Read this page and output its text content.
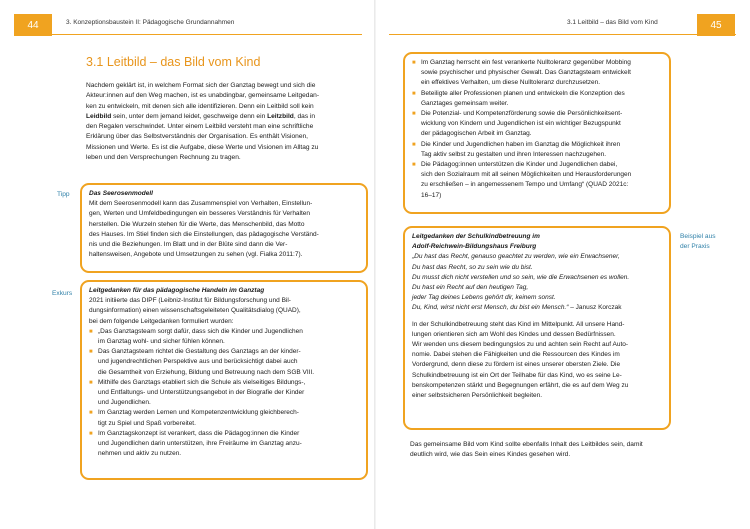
44	3. Konzeptionsbaustein II: Pädagogische Grundannahmen
3.1 Leitbild – das Bild vom Kind

Nachdem geklärt ist, in welchem Format sich der Ganztag bewegt und sich die

Akteur:innen auf den Weg machen, ist es unabdingbar, gemeinsame Leitgedan-

ken zu entwickeln, mit denen sich alle identifizieren. Denn ein Leitbild soll kein

Leidbild sein, unter dem jemand leidet, geschweige denn ein Leitzbild, das in

den Regalen verschwindet. Unter einem Leitbild versteht man eine schriftliche

Erklärung über das Selbstverständnis der Organisation. Es enthält Visionen,

Missionen und Werte. Es ist die Aufgabe, diese Werte und Visionen im Alltag zu

leben und den Versprechungen Rechnung zu tragen.

Tipp	Das Seerosenmodell
Mit dem Seerosenmodell kann das Zusammenspiel von Verhalten, Einstellun-
gen, Werten und Umfeldbedingungen ein besseres Verständnis für Verhalten
herstellen. Die Wurzeln stehen für die Werte, das Menschenbild, das Motto
des Hauses. Im Stiel finden sich die Einstellungen, das pädagogische Verständ-
nis und die Beziehungen. Im Blatt und in der Blüte sind dann die Ver-
haltensweisen, Angebote und Umsetzungen zu sehen (vgl. Fialka 2011:7).
Exkurs	Leitgedanken für das pädagogische Handeln im Ganztag
2021 initiierte das DIPF (Leibniz-Institut für Bildungsforschung und Bil-
dungsinformation) einen wissenschaftsgeleiteten Qualitätsdialog (QUAD),
bei dem folgende Leitgedanken formuliert wurden:
■ „Das Ganztagsteam sorgt dafür, dass sich die Kinder und Jugendlichen
im Ganztag wohl- und sicher fühlen können.
■ Das Ganztagsteam richtet die Gestaltung des Ganztags an der kinder-
und jugendrechtlichen Perspektive aus und berücksichtigt dabei auch
die Gesamtheit von Erziehung, Bildung und Betreuung nach dem SGB VIII.
■ Mithilfe des Ganztags etabliert sich die Schule als vielseitiges Bildungs-,
und Entfaltungs- und Unterstützungsangebot in der Biografie der Kinder
und Jugendlichen.
■ Im Ganztag werden Lernen und Kompetenzentwicklung gleichberech-
tigt zu Spiel und Spaß vorbereitet.
■ Im Ganztagskonzept ist verankert, dass die Pädagog:innen die Kinder
und Jugendlichen darin unterstützen, ihre Freiräume im Ganztag anzu-
nehmen und aktiv zu nutzen.
3.1 Leitbild – das Bild vom Kind	45
■ Im Ganztag herrscht ein fest verankerte Nulltoleranz gegenüber Mobbing
sowie psychischer und physischer Gewalt. Das Ganztagsteam entwickelt
ein effektives Verhalten, um diese Nulltoleranz durchzusetzen.
■ Beteiligte aller Professionen planen und entwickeln die Konzeption des
Ganztages gemeinsam weiter.
■ Die Potenzial- und Kompetenzförderung sowie die Persönlichkeitsent-
wicklung von Kindern und Jugendlichen ist ein wichtiger Bezugspunkt
der pädagogischen Arbeit im Ganztag.
■ Die Kinder und Jugendlichen haben im Ganztag die Möglichkeit ihren
Tag aktiv selbst zu gestalten und ihren Interessen nachzugehen.
■ Die Pädagog:innen unterstützen die Kinder und Jugendlichen dabei,
sich den Sozialraum mit all seinen Möglichkeiten und Herausforderungen
zu erschließen – in angemessenem Tempo und Umfang“ (QUAD 2021c:
16–17)
Beispiel aus
der Praxis
Leitgedanken der Schulkindbetreuung im
Adolf-Reichwein-Bildungshaus Freiburg
„Du hast das Recht, genauso geachtet zu werden, wie ein Erwachsener,
Du hast das Recht, so zu sein wie du bist.
Du musst dich nicht verstellen und so sein, wie die Erwachsenen es wollen.
Du hast ein Recht auf den heutigen Tag,
jeder Tag deines Lebens gehört dir, keinem sonst.
Du, Kind, wirst nicht erst Mensch, du bist ein Mensch.“ – Janusz Korczak
In der Schulkindbetreuung steht das Kind im Mittelpunkt. All unsere Hand-
lungen orientieren sich am Wohl des Kindes und dessen Bedürfnissen.
Wir wenden uns diesem bedingungslos zu und achten sein Recht auf Auto-
nomie. Dabei stehen die Fähigkeiten und die Ressourcen des Kindes im
Vordergrund, denn diese zu fördern ist eines unserer obersten Ziele. Die
Schulkindbetreuung ist ein Ort der Teilhabe für das Kind, wo es seine Le-
benskompetenzen stärkt und Begegnungen erfährt, die es auf dem Weg zu
einer selbstsicheren Persönlichkeit begleiten.

Das gemeinsame Bild vom Kind sollte ebenfalls Inhalt des Leitbildes sein, damit

deutlich wird, wie das Sein eines Kindes gesehen wird.
